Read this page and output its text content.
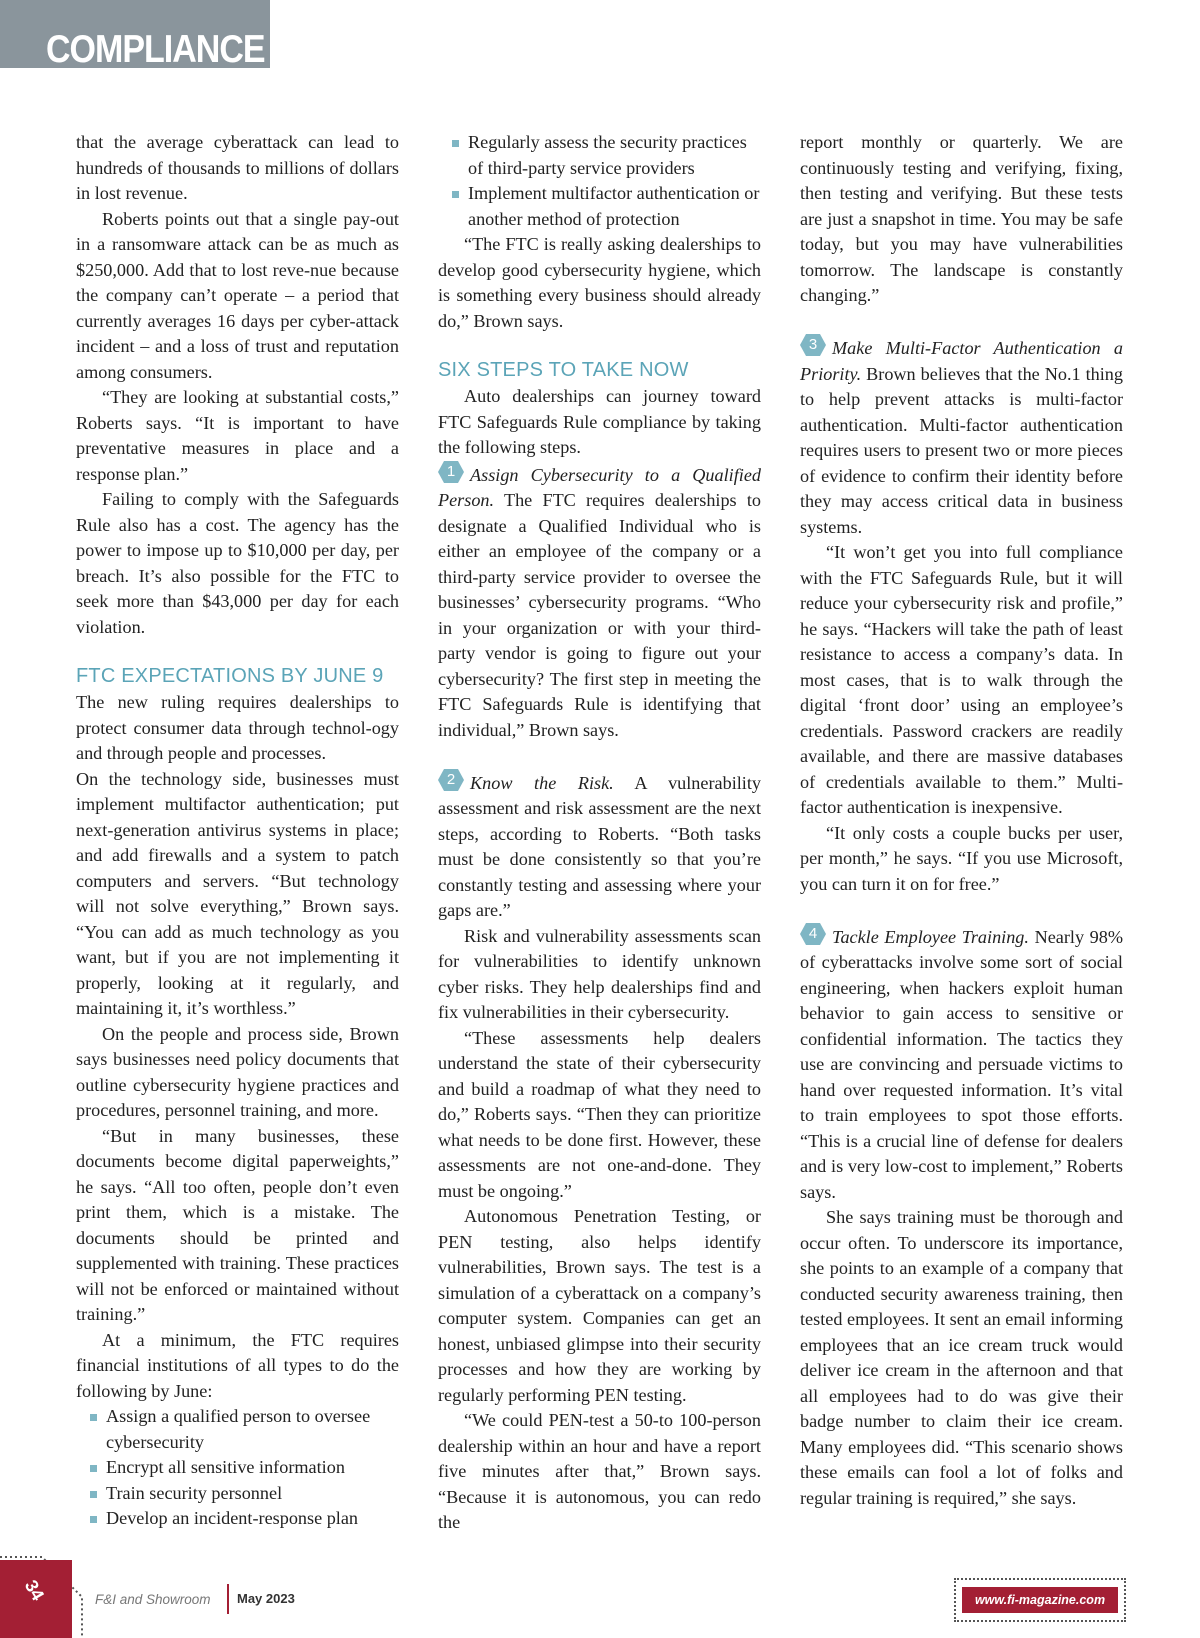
COMPLIANCE

that the average cyberattack can lead to hundreds of thousands to millions of dollars in lost revenue.

Roberts points out that a single pay-out in a ransomware attack can be as much as $250,000. Add that to lost reve-nue because the company can’t operate – a period that currently averages 16 days per cyber-attack incident – and a loss of trust and reputation among consumers.

“They are looking at substantial costs,” Roberts says. “It is important to have preventative measures in place and a response plan.”

Failing to comply with the Safeguards Rule also has a cost. The agency has the power to impose up to $10,000 per day, per breach. It’s also possible for the FTC to seek more than $43,000 per day for each violation.

FTC EXPECTATIONS BY JUNE 9

The new ruling requires dealerships to protect consumer data through technol-ogy and through people and processes.

On the technology side, businesses must implement multifactor authentication; put next-generation antivirus systems in place; and add firewalls and a system to patch computers and servers. “But technology will not solve everything,” Brown says. “You can add as much technology as you want, but if you are not implementing it properly, looking at it regularly, and maintaining it, it’s worthless.”

On the people and process side, Brown says businesses need policy documents that outline cybersecurity hygiene practices and procedures, personnel training, and more.

“But in many businesses, these documents become digital paperweights,” he says. “All too often, people don’t even print them, which is a mistake. The documents should be printed and supplemented with training. These practices will not be enforced or maintained without training.”

At a minimum, the FTC requires financial institutions of all types to do the following by June:

Assign a qualified person to oversee cybersecurity
Encrypt all sensitive information
Train security personnel
Develop an incident-response plan
Regularly assess the security practices of third-party service providers
Implement multifactor authentication or another method of protection

“The FTC is really asking dealerships to develop good cybersecurity hygiene, which is something every business should already do,” Brown says.

SIX STEPS TO TAKE NOW

Auto dealerships can journey toward FTC Safeguards Rule compliance by taking the following steps.

1 Assign Cybersecurity to a Qualified Person. The FTC requires dealerships to designate a Qualified Individual who is either an employee of the company or a third-party service provider to oversee the businesses’ cybersecurity programs. “Who in your organization or with your third-party vendor is going to figure out your cybersecurity? The first step in meeting the FTC Safeguards Rule is identifying that individual,” Brown says.

2 Know the Risk. A vulnerability assessment and risk assessment are the next steps, according to Roberts. “Both tasks must be done consistently so that you’re constantly testing and assessing where your gaps are.”

Risk and vulnerability assessments scan for vulnerabilities to identify unknown cyber risks. They help dealerships find and fix vulnerabilities in their cybersecurity.

“These assessments help dealers understand the state of their cybersecurity and build a roadmap of what they need to do,” Roberts says. “Then they can prioritize what needs to be done first. However, these assessments are not one-and-done. They must be ongoing.”

Autonomous Penetration Testing, or PEN testing, also helps identify vulnerabilities, Brown says. The test is a simulation of a cyberattack on a company’s computer system. Companies can get an honest, unbiased glimpse into their security processes and how they are working by regularly performing PEN testing.

“We could PEN-test a 50-to 100-person dealership within an hour and have a report five minutes after that,” Brown says. “Because it is autonomous, you can redo the

report monthly or quarterly. We are continuously testing and verifying, fixing, then testing and verifying. But these tests are just a snapshot in time. You may be safe today, but you may have vulnerabilities tomorrow. The landscape is constantly changing.”

3 Make Multi-Factor Authentication a Priority. Brown believes that the No.1 thing to help prevent attacks is multi-factor authentication. Multi-factor authentication requires users to present two or more pieces of evidence to confirm their identity before they may access critical data in business systems.

“It won’t get you into full compliance with the FTC Safeguards Rule, but it will reduce your cybersecurity risk and profile,” he says. “Hackers will take the path of least resistance to access a company’s data. In most cases, that is to walk through the digital ‘front door’ using an employee’s credentials. Password crackers are readily available, and there are massive databases of credentials available to them.” Multi-factor authentication is inexpensive.

“It only costs a couple bucks per user, per month,” he says. “If you use Microsoft, you can turn it on for free.”

4 Tackle Employee Training. Nearly 98% of cyberattacks involve some sort of social engineering, when hackers exploit human behavior to gain access to sensitive or confidential information. The tactics they use are convincing and persuade victims to hand over requested information. It’s vital to train employees to spot those efforts. “This is a crucial line of defense for dealers and is very low-cost to implement,” Roberts says.

She says training must be thorough and occur often. To underscore its importance, she points to an example of a company that conducted security awareness training, then tested employees. It sent an email informing employees that an ice cream truck would deliver ice cream in the afternoon and that all employees had to do was give their badge number to claim their ice cream. Many employees did. “This scenario shows these emails can fool a lot of folks and regular training is required,” she says.

34	F&I and Showroom May 2023	www.fi-magazine.com
